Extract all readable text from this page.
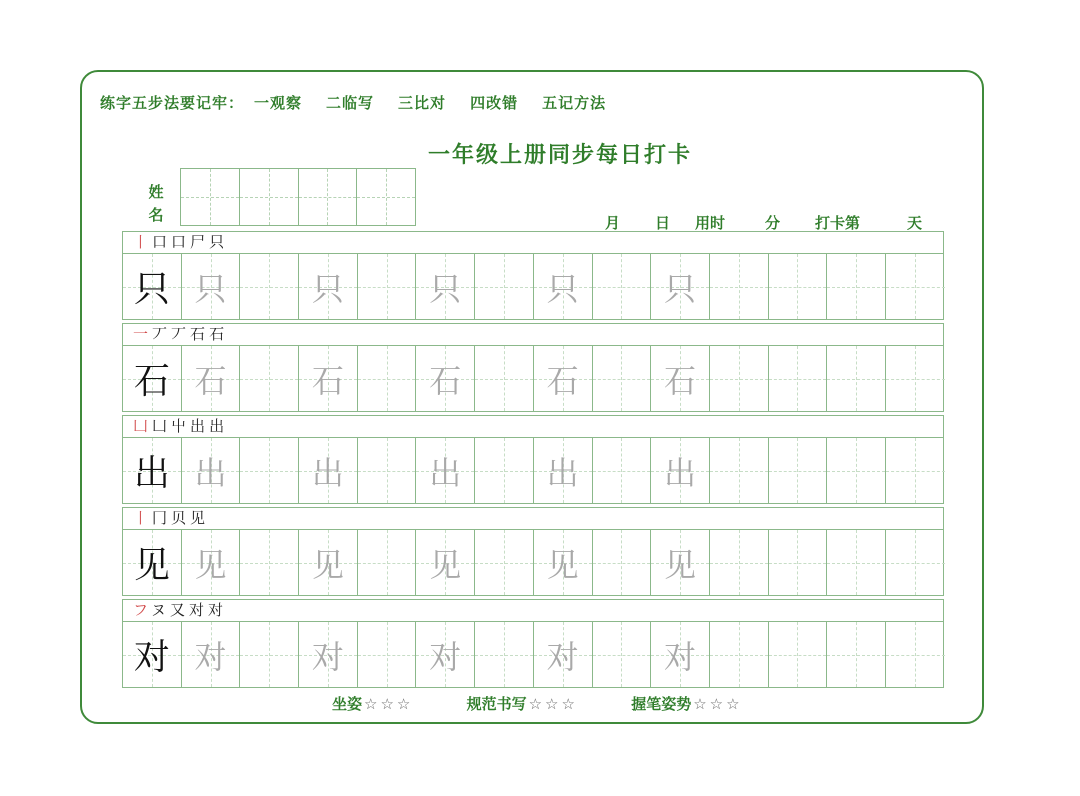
练字五步法要记牢： 一观察 二临写 三比对 四改错 五记方法
一年级上册同步每日打卡
姓
名	月 日 用时	分 打卡第	天
丨口口尸只
只 只	只	只	只	只
一丆丆石石
石 石	石	石	石	石
凵凵屮出出
出 出	出	出	出	出
丨冂贝见
见 见	见	见	见	见
フヌ又对对
对 对	对	对	对	对
坐姿 ☆☆☆	规范书写 ☆☆☆	握笔姿势 ☆☆☆
